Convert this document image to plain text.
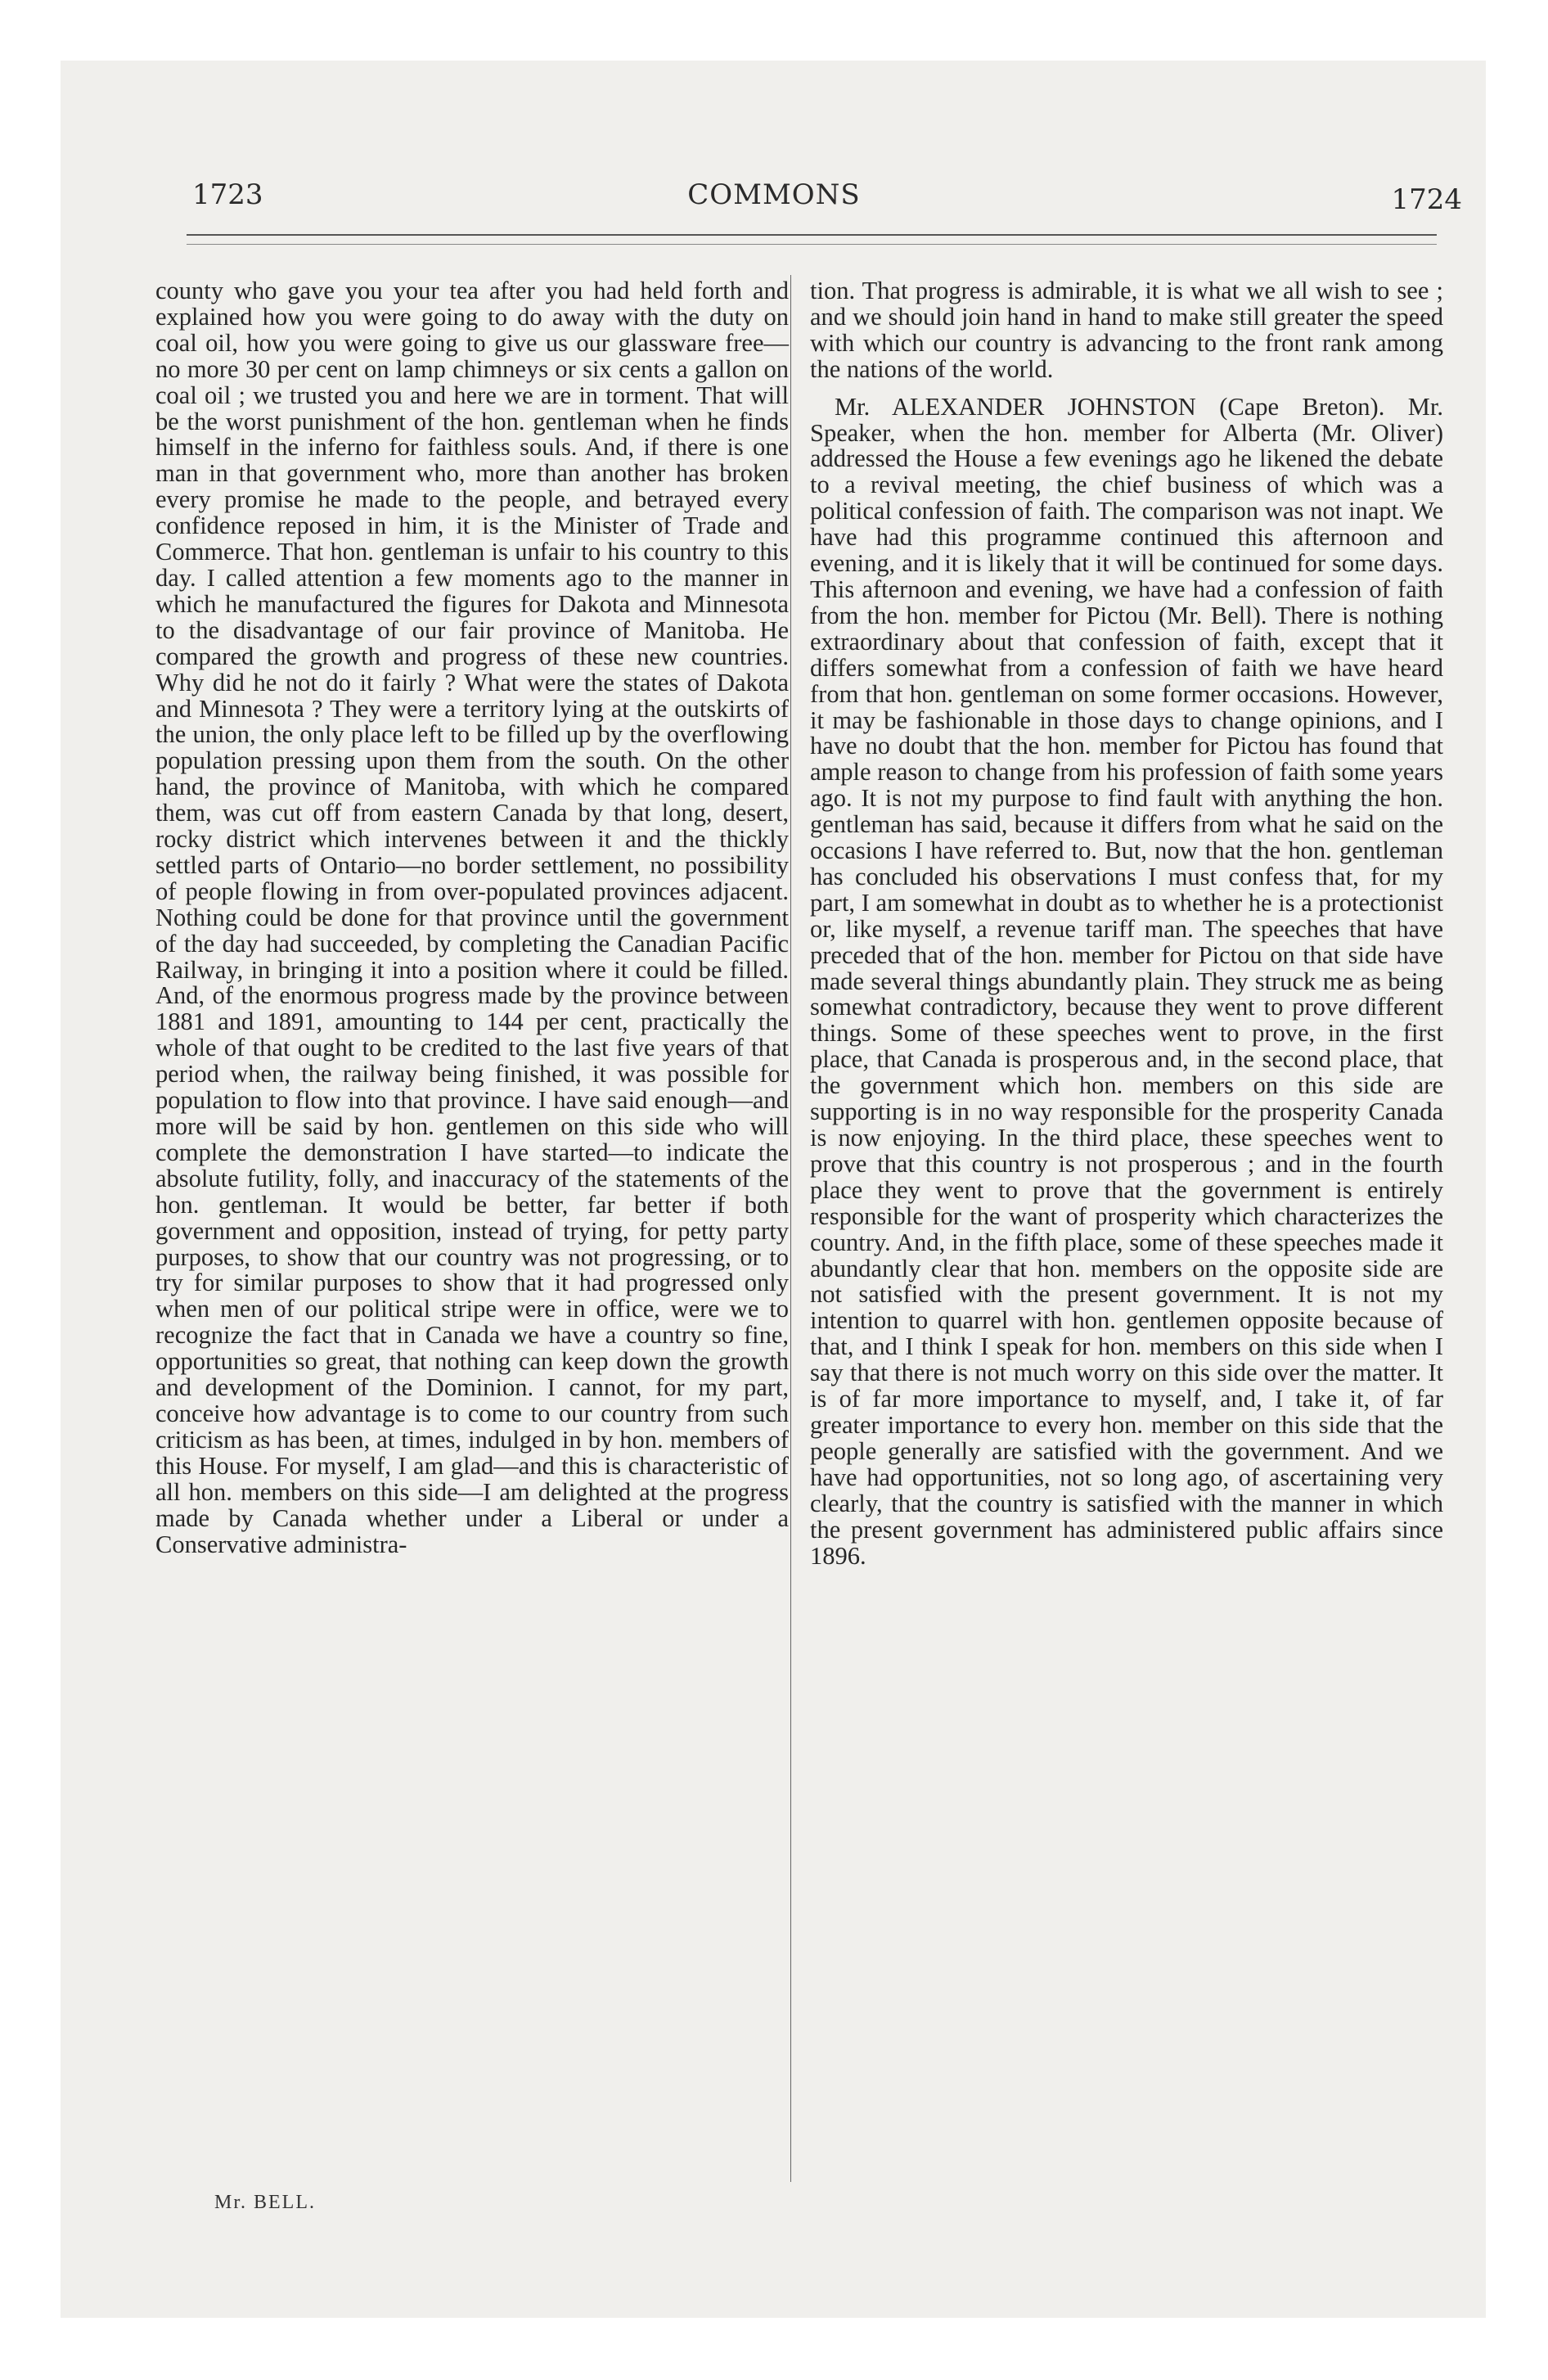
1723	COMMONS	1724

county who gave you your tea after you had held forth and explained how you were going to do away with the duty on coal oil, how you were going to give us our glassware free—no more 30 per cent on lamp chimneys or six cents a gallon on coal oil ; we trusted you and here we are in torment. That will be the worst punishment of the hon. gentleman when he finds himself in the inferno for faithless souls. And, if there is one man in that government who, more than another has broken every promise he made to the people, and betrayed every confidence reposed in him, it is the Minister of Trade and Commerce. That hon. gentleman is unfair to his country to this day. I called attention a few moments ago to the manner in which he manufactured the figures for Dakota and Minnesota to the disadvantage of our fair province of Manitoba. He compared the growth and progress of these new countries. Why did he not do it fairly ? What were the states of Dakota and Minnesota ? They were a territory lying at the outskirts of the union, the only place left to be filled up by the overflowing population pressing upon them from the south. On the other hand, the province of Manitoba, with which he compared them, was cut off from eastern Canada by that long, desert, rocky district which intervenes between it and the thickly settled parts of Ontario—no border settlement, no possibility of people flowing in from over-populated provinces adjacent. Nothing could be done for that province until the government of the day had succeeded, by completing the Canadian Pacific Railway, in bringing it into a position where it could be filled. And, of the enormous progress made by the province between 1881 and 1891, amounting to 144 per cent, practically the whole of that ought to be credited to the last five years of that period when, the railway being finished, it was possible for population to flow into that province. I have said enough—and more will be said by hon. gentlemen on this side who will complete the demonstration I have started—to indicate the absolute futility, folly, and inaccuracy of the statements of the hon. gentleman. It would be better, far better if both government and opposition, instead of trying, for petty party purposes, to show that our country was not progressing, or to try for similar purposes to show that it had progressed only when men of our political stripe were in office, were we to recognize the fact that in Canada we have a country so fine, opportunities so great, that nothing can keep down the growth and development of the Dominion. I cannot, for my part, conceive how advantage is to come to our country from such criticism as has been, at times, indulged in by hon. members of this House. For myself, I am glad—and this is characteristic of all hon. members on this side—I am delighted at the progress made by Canada whether under a Liberal or under a Conservative administra-

tion. That progress is admirable, it is what we all wish to see ; and we should join hand in hand to make still greater the speed with which our country is advancing to the front rank among the nations of the world.

Mr. ALEXANDER JOHNSTON (Cape Breton). Mr. Speaker, when the hon. member for Alberta (Mr. Oliver) addressed the House a few evenings ago he likened the debate to a revival meeting, the chief business of which was a political confession of faith. The comparison was not inapt. We have had this programme continued this afternoon and evening, and it is likely that it will be continued for some days. This afternoon and evening, we have had a confession of faith from the hon. member for Pictou (Mr. Bell). There is nothing extraordinary about that confession of faith, except that it differs somewhat from a confession of faith we have heard from that hon. gentleman on some former occasions. However, it may be fashionable in those days to change opinions, and I have no doubt that the hon. member for Pictou has found that ample reason to change from his profession of faith some years ago. It is not my purpose to find fault with anything the hon. gentleman has said, because it differs from what he said on the occasions I have referred to. But, now that the hon. gentleman has concluded his observations I must confess that, for my part, I am somewhat in doubt as to whether he is a protectionist or, like myself, a revenue tariff man. The speeches that have preceded that of the hon. member for Pictou on that side have made several things abundantly plain. They struck me as being somewhat contradictory, because they went to prove different things. Some of these speeches went to prove, in the first place, that Canada is prosperous and, in the second place, that the government which hon. members on this side are supporting is in no way responsible for the prosperity Canada is now enjoying. In the third place, these speeches went to prove that this country is not prosperous ; and in the fourth place they went to prove that the government is entirely responsible for the want of prosperity which characterizes the country. And, in the fifth place, some of these speeches made it abundantly clear that hon. members on the opposite side are not satisfied with the present government. It is not my intention to quarrel with hon. gentlemen opposite because of that, and I think I speak for hon. members on this side when I say that there is not much worry on this side over the matter. It is of far more importance to myself, and, I take it, of far greater importance to every hon. member on this side that the people generally are satisfied with the government. And we have had opportunities, not so long ago, of ascertaining very clearly, that the country is satisfied with the manner in which the present government has administered public affairs since 1896.

Mr. BELL.
